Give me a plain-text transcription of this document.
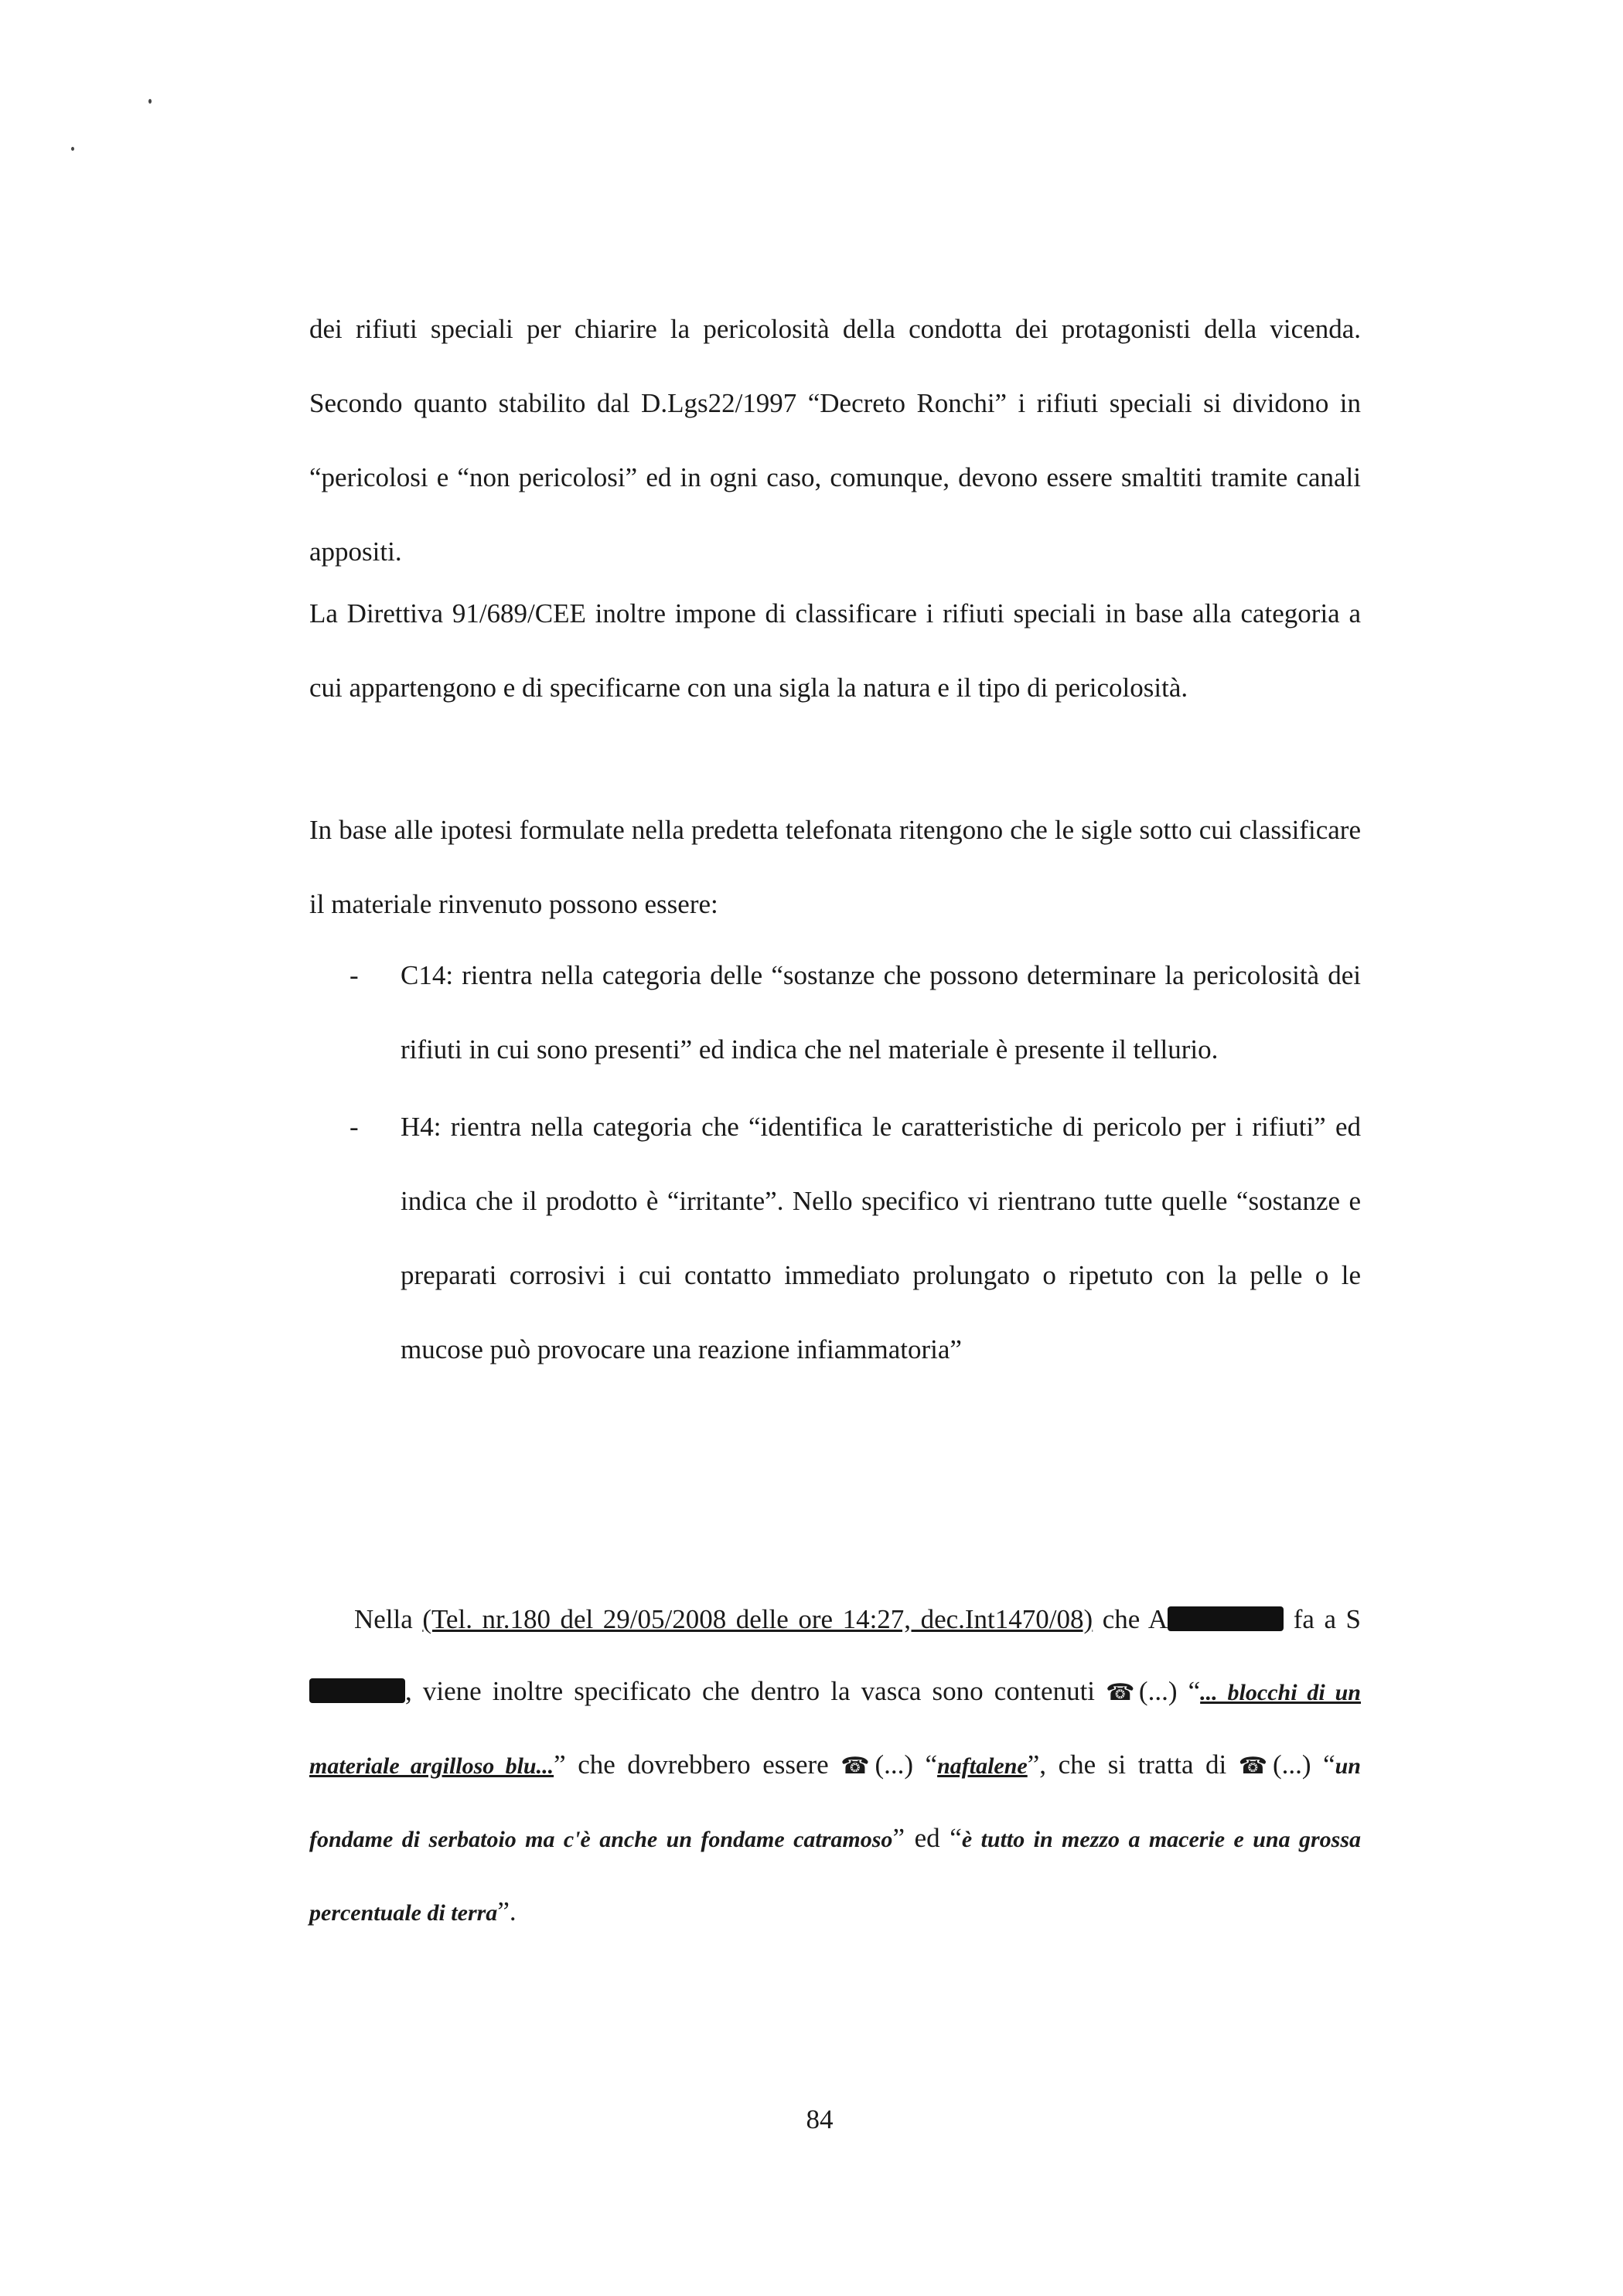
dei rifiuti speciali per chiarire la pericolosità della condotta dei protagonisti della vicenda. Secondo quanto stabilito dal D.Lgs22/1997 “Decreto Ronchi” i rifiuti speciali si dividono in “pericolosi e “non pericolosi” ed in ogni caso, comunque, devono essere smaltiti tramite canali appositi.

La Direttiva 91/689/CEE inoltre impone di classificare i rifiuti speciali in base alla categoria a cui appartengono e di specificarne con una sigla la natura e il tipo di pericolosità.

In base alle ipotesi formulate nella predetta telefonata ritengono che le sigle sotto cui classificare il materiale rinvenuto possono essere:

- C14: rientra nella categoria delle “sostanze che possono determinare la pericolosità dei rifiuti in cui sono presenti” ed indica che nel materiale è presente il tellurio.
- H4: rientra nella categoria che “identifica le caratteristiche di pericolo per i rifiuti” ed indica che il prodotto è “irritante”. Nello specifico vi rientrano tutte quelle “sostanze e preparati corrosivi i cui contatto immediato prolungato o ripetuto con la pelle o le mucose può provocare una reazione infiammatoria”

Nella (Tel. nr.180 del 29/05/2008 delle ore 14:27, dec.Int1470/08) che A	fa a S, viene inoltre specificato che dentro la vasca sono contenuti ☎(...) “... blocchi di un materiale argilloso blu...” che dovrebbero essere ☎(...) “naftalene”, che si tratta di ☎(...) “un fondame di serbatoio ma c'è anche un fondame catramoso” ed “è tutto in mezzo a macerie e una grossa percentuale di terra”.

84
